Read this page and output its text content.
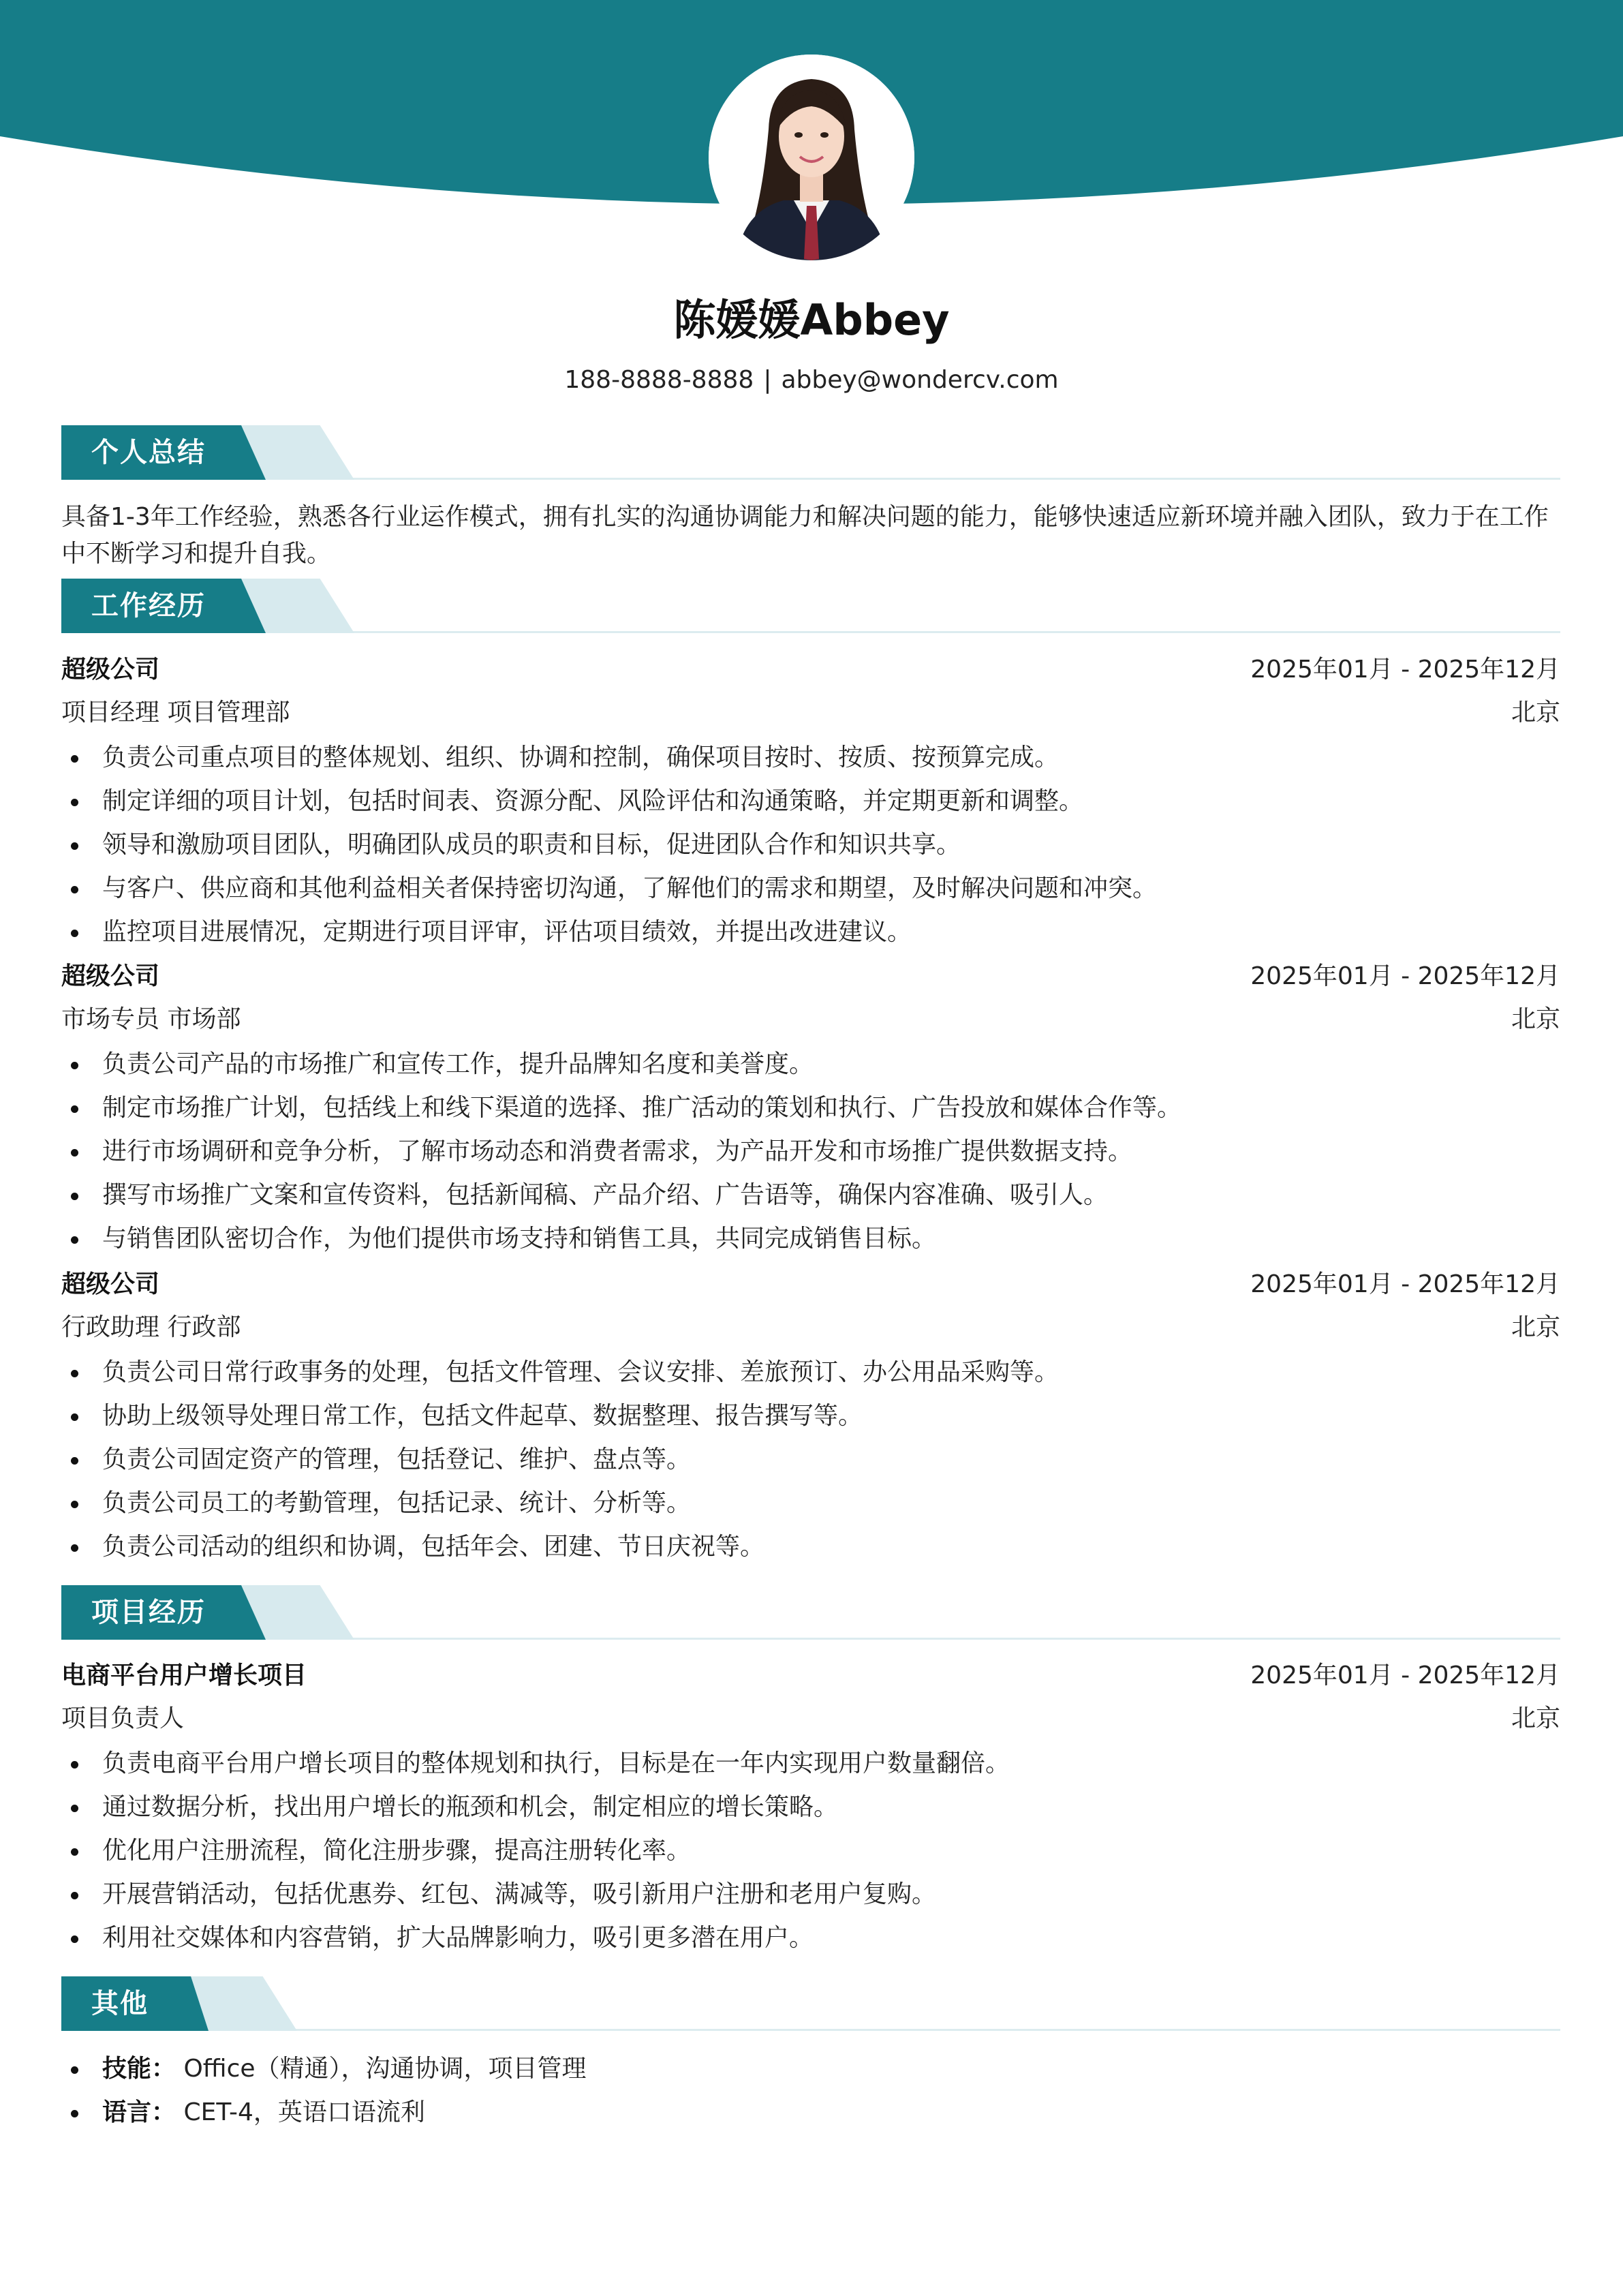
陈媛媛Abbey
188-8888-8888 | abbey@wondercv.com
个人总结
具备1-3年工作经验，熟悉各行业运作模式，拥有扎实的沟通协调能力和解决问题的能力，能够快速适应新环境并融入团队，致力于在工作中不断学习和提升自我。
工作经历
超级公司	2025年01月 - 2025年12月
项目经理 项目管理部	北京
负责公司重点项目的整体规划、组织、协调和控制，确保项目按时、按质、按预算完成。
制定详细的项目计划，包括时间表、资源分配、风险评估和沟通策略，并定期更新和调整。
领导和激励项目团队，明确团队成员的职责和目标，促进团队合作和知识共享。
与客户、供应商和其他利益相关者保持密切沟通，了解他们的需求和期望，及时解决问题和冲突。
监控项目进展情况，定期进行项目评审，评估项目绩效，并提出改进建议。
超级公司	2025年01月 - 2025年12月
市场专员 市场部	北京
负责公司产品的市场推广和宣传工作，提升品牌知名度和美誉度。
制定市场推广计划，包括线上和线下渠道的选择、推广活动的策划和执行、广告投放和媒体合作等。
进行市场调研和竞争分析，了解市场动态和消费者需求，为产品开发和市场推广提供数据支持。
撰写市场推广文案和宣传资料，包括新闻稿、产品介绍、广告语等，确保内容准确、吸引人。
与销售团队密切合作，为他们提供市场支持和销售工具，共同完成销售目标。
超级公司	2025年01月 - 2025年12月
行政助理 行政部	北京
负责公司日常行政事务的处理，包括文件管理、会议安排、差旅预订、办公用品采购等。
协助上级领导处理日常工作，包括文件起草、数据整理、报告撰写等。
负责公司固定资产的管理，包括登记、维护、盘点等。
负责公司员工的考勤管理，包括记录、统计、分析等。
负责公司活动的组织和协调，包括年会、团建、节日庆祝等。
项目经历
电商平台用户增长项目	2025年01月 - 2025年12月
项目负责人	北京
负责电商平台用户增长项目的整体规划和执行，目标是在一年内实现用户数量翻倍。
通过数据分析，找出用户增长的瓶颈和机会，制定相应的增长策略。
优化用户注册流程，简化注册步骤，提高注册转化率。
开展营销活动，包括优惠券、红包、满减等，吸引新用户注册和老用户复购。
利用社交媒体和内容营销，扩大品牌影响力，吸引更多潜在用户。
其他
技能： Office（精通），沟通协调，项目管理
语言： CET-4，英语口语流利
